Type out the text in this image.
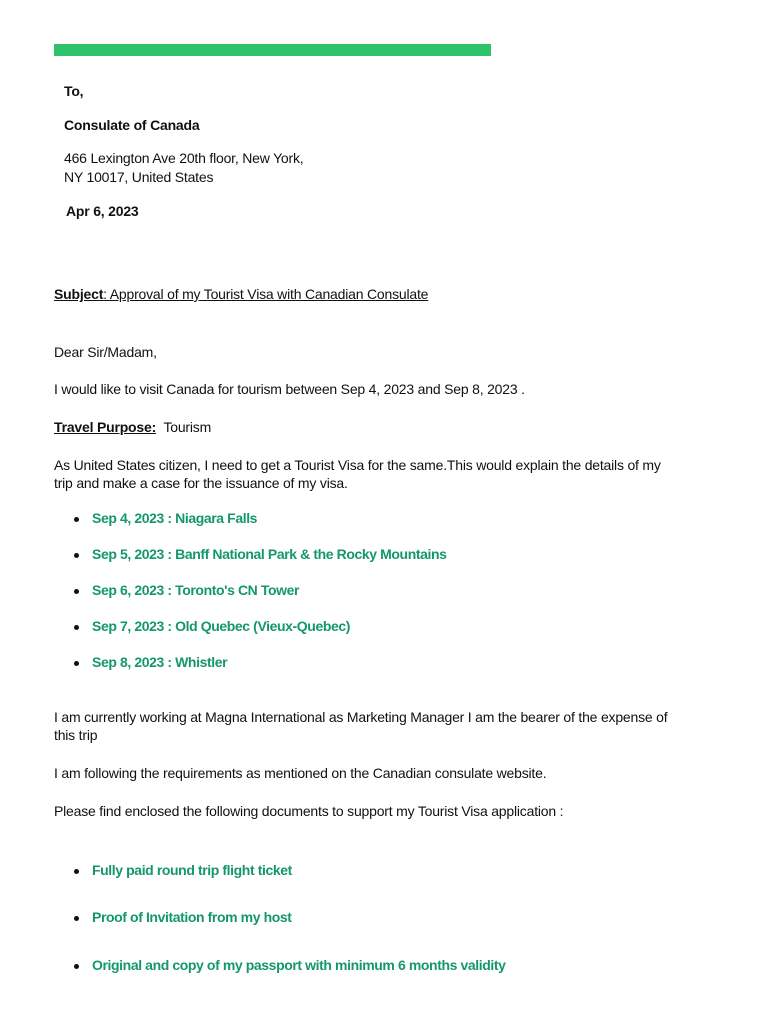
To,
Consulate of Canada
466 Lexington Ave 20th floor, New York,
NY 10017, United States
Apr 6, 2023
Subject: Approval of my Tourist Visa with Canadian Consulate
Dear Sir/Madam,
I would like to visit Canada for tourism between Sep 4, 2023 and Sep 8, 2023 .
Travel Purpose: Tourism
As United States citizen, I need to get a Tourist Visa for the same.This would explain the details of my
trip and make a case for the issuance of my visa.
Sep 4, 2023 : Niagara Falls
Sep 5, 2023 : Banff National Park & the Rocky Mountains
Sep 6, 2023 : Toronto's CN Tower
Sep 7, 2023 : Old Quebec (Vieux-Quebec)
Sep 8, 2023 : Whistler
I am currently working at Magna International as Marketing Manager I am the bearer of the expense of
this trip
I am following the requirements as mentioned on the Canadian consulate website.
Please find enclosed the following documents to support my Tourist Visa application :
Fully paid round trip flight ticket
Proof of Invitation from my host
Original and copy of my passport with minimum 6 months validity
